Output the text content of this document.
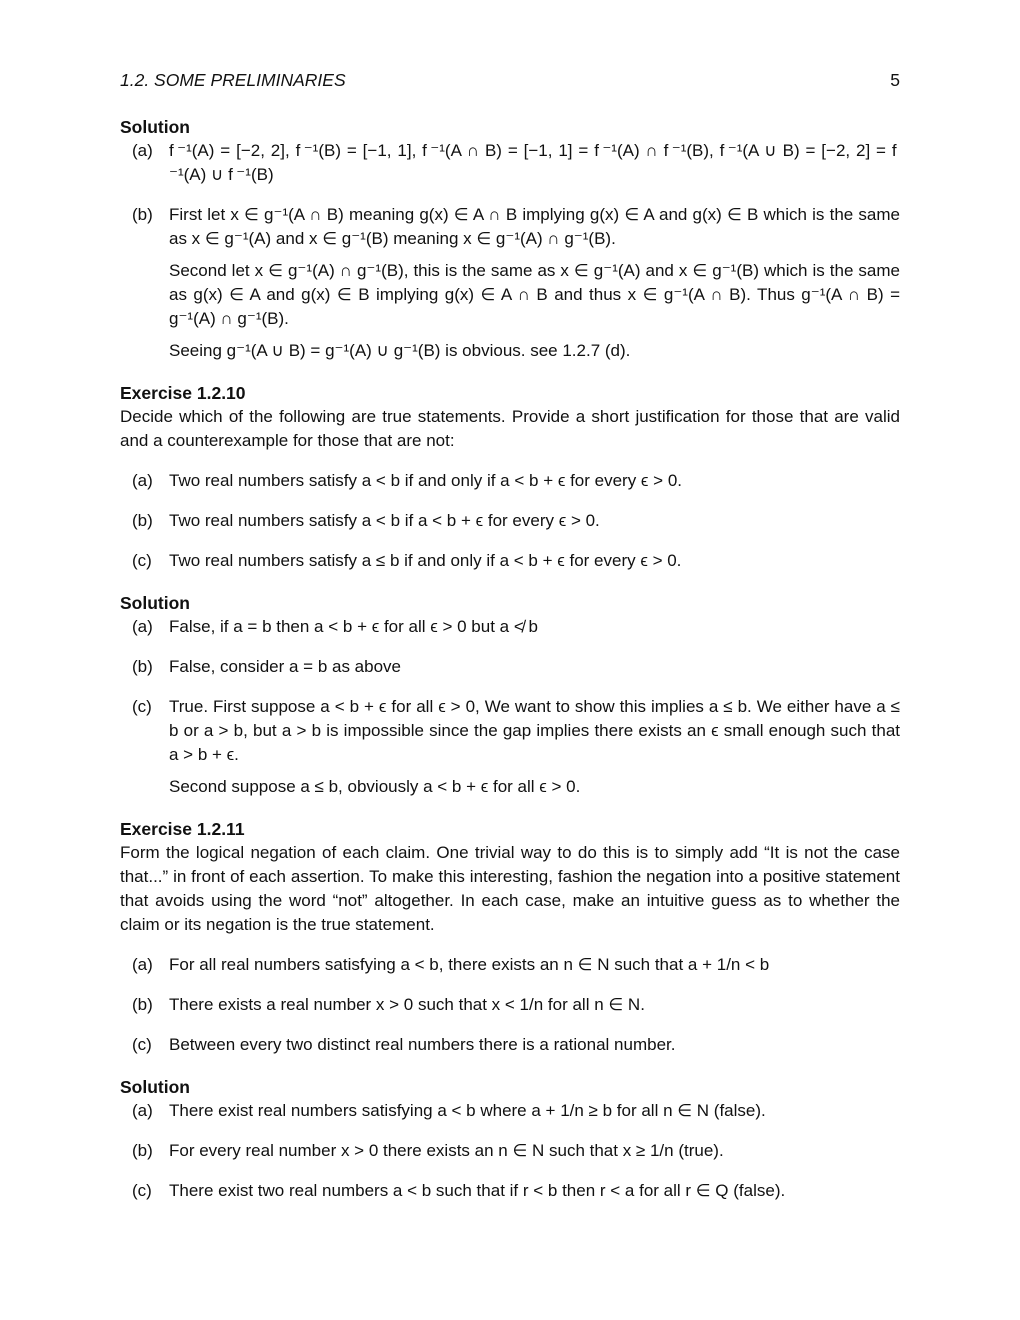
1.2. SOME PRELIMINARIES	5

Solution

(a) f ⁻¹(A) = [−2, 2], f ⁻¹(B) = [−1, 1], f ⁻¹(A ∩ B) = [−1, 1] = f ⁻¹(A) ∩ f ⁻¹(B), f ⁻¹(A ∪ B) = [−2, 2] = f ⁻¹(A) ∪ f ⁻¹(B)
(b) First let x ∈ g⁻¹(A ∩ B) meaning g(x) ∈ A ∩ B implying g(x) ∈ A and g(x) ∈ B which is the same as x ∈ g⁻¹(A) and x ∈ g⁻¹(B) meaning x ∈ g⁻¹(A) ∩ g⁻¹(B).
Second let x ∈ g⁻¹(A) ∩ g⁻¹(B), this is the same as x ∈ g⁻¹(A) and x ∈ g⁻¹(B) which is the same as g(x) ∈ A and g(x) ∈ B implying g(x) ∈ A ∩ B and thus x ∈ g⁻¹(A ∩ B). Thus g⁻¹(A ∩ B) = g⁻¹(A) ∩ g⁻¹(B).
Seeing g⁻¹(A ∪ B) = g⁻¹(A) ∪ g⁻¹(B) is obvious. see 1.2.7 (d).

Exercise 1.2.10

Decide which of the following are true statements. Provide a short justification for those that are valid and a counterexample for those that are not:

(a) Two real numbers satisfy a < b if and only if a < b + ϵ for every ϵ > 0.
(b) Two real numbers satisfy a < b if a < b + ϵ for every ϵ > 0.
(c) Two real numbers satisfy a ≤ b if and only if a < b + ϵ for every ϵ > 0.

Solution

(a) False, if a = b then a < b + ϵ for all ϵ > 0 but a ≮ b
(b) False, consider a = b as above
(c) True. First suppose a < b + ϵ for all ϵ > 0, We want to show this implies a ≤ b. We either have a ≤ b or a > b, but a > b is impossible since the gap implies there exists an ϵ small enough such that a > b + ϵ.
Second suppose a ≤ b, obviously a < b + ϵ for all ϵ > 0.

Exercise 1.2.11

Form the logical negation of each claim. One trivial way to do this is to simply add “It is not the case that...” in front of each assertion. To make this interesting, fashion the negation into a positive statement that avoids using the word “not” altogether. In each case, make an intuitive guess as to whether the claim or its negation is the true statement.

(a) For all real numbers satisfying a < b, there exists an n ∈ N such that a + 1/n < b
(b) There exists a real number x > 0 such that x < 1/n for all n ∈ N.
(c) Between every two distinct real numbers there is a rational number.

Solution

(a) There exist real numbers satisfying a < b where a + 1/n ≥ b for all n ∈ N (false).
(b) For every real number x > 0 there exists an n ∈ N such that x ≥ 1/n (true).
(c) There exist two real numbers a < b such that if r < b then r < a for all r ∈ Q (false).
